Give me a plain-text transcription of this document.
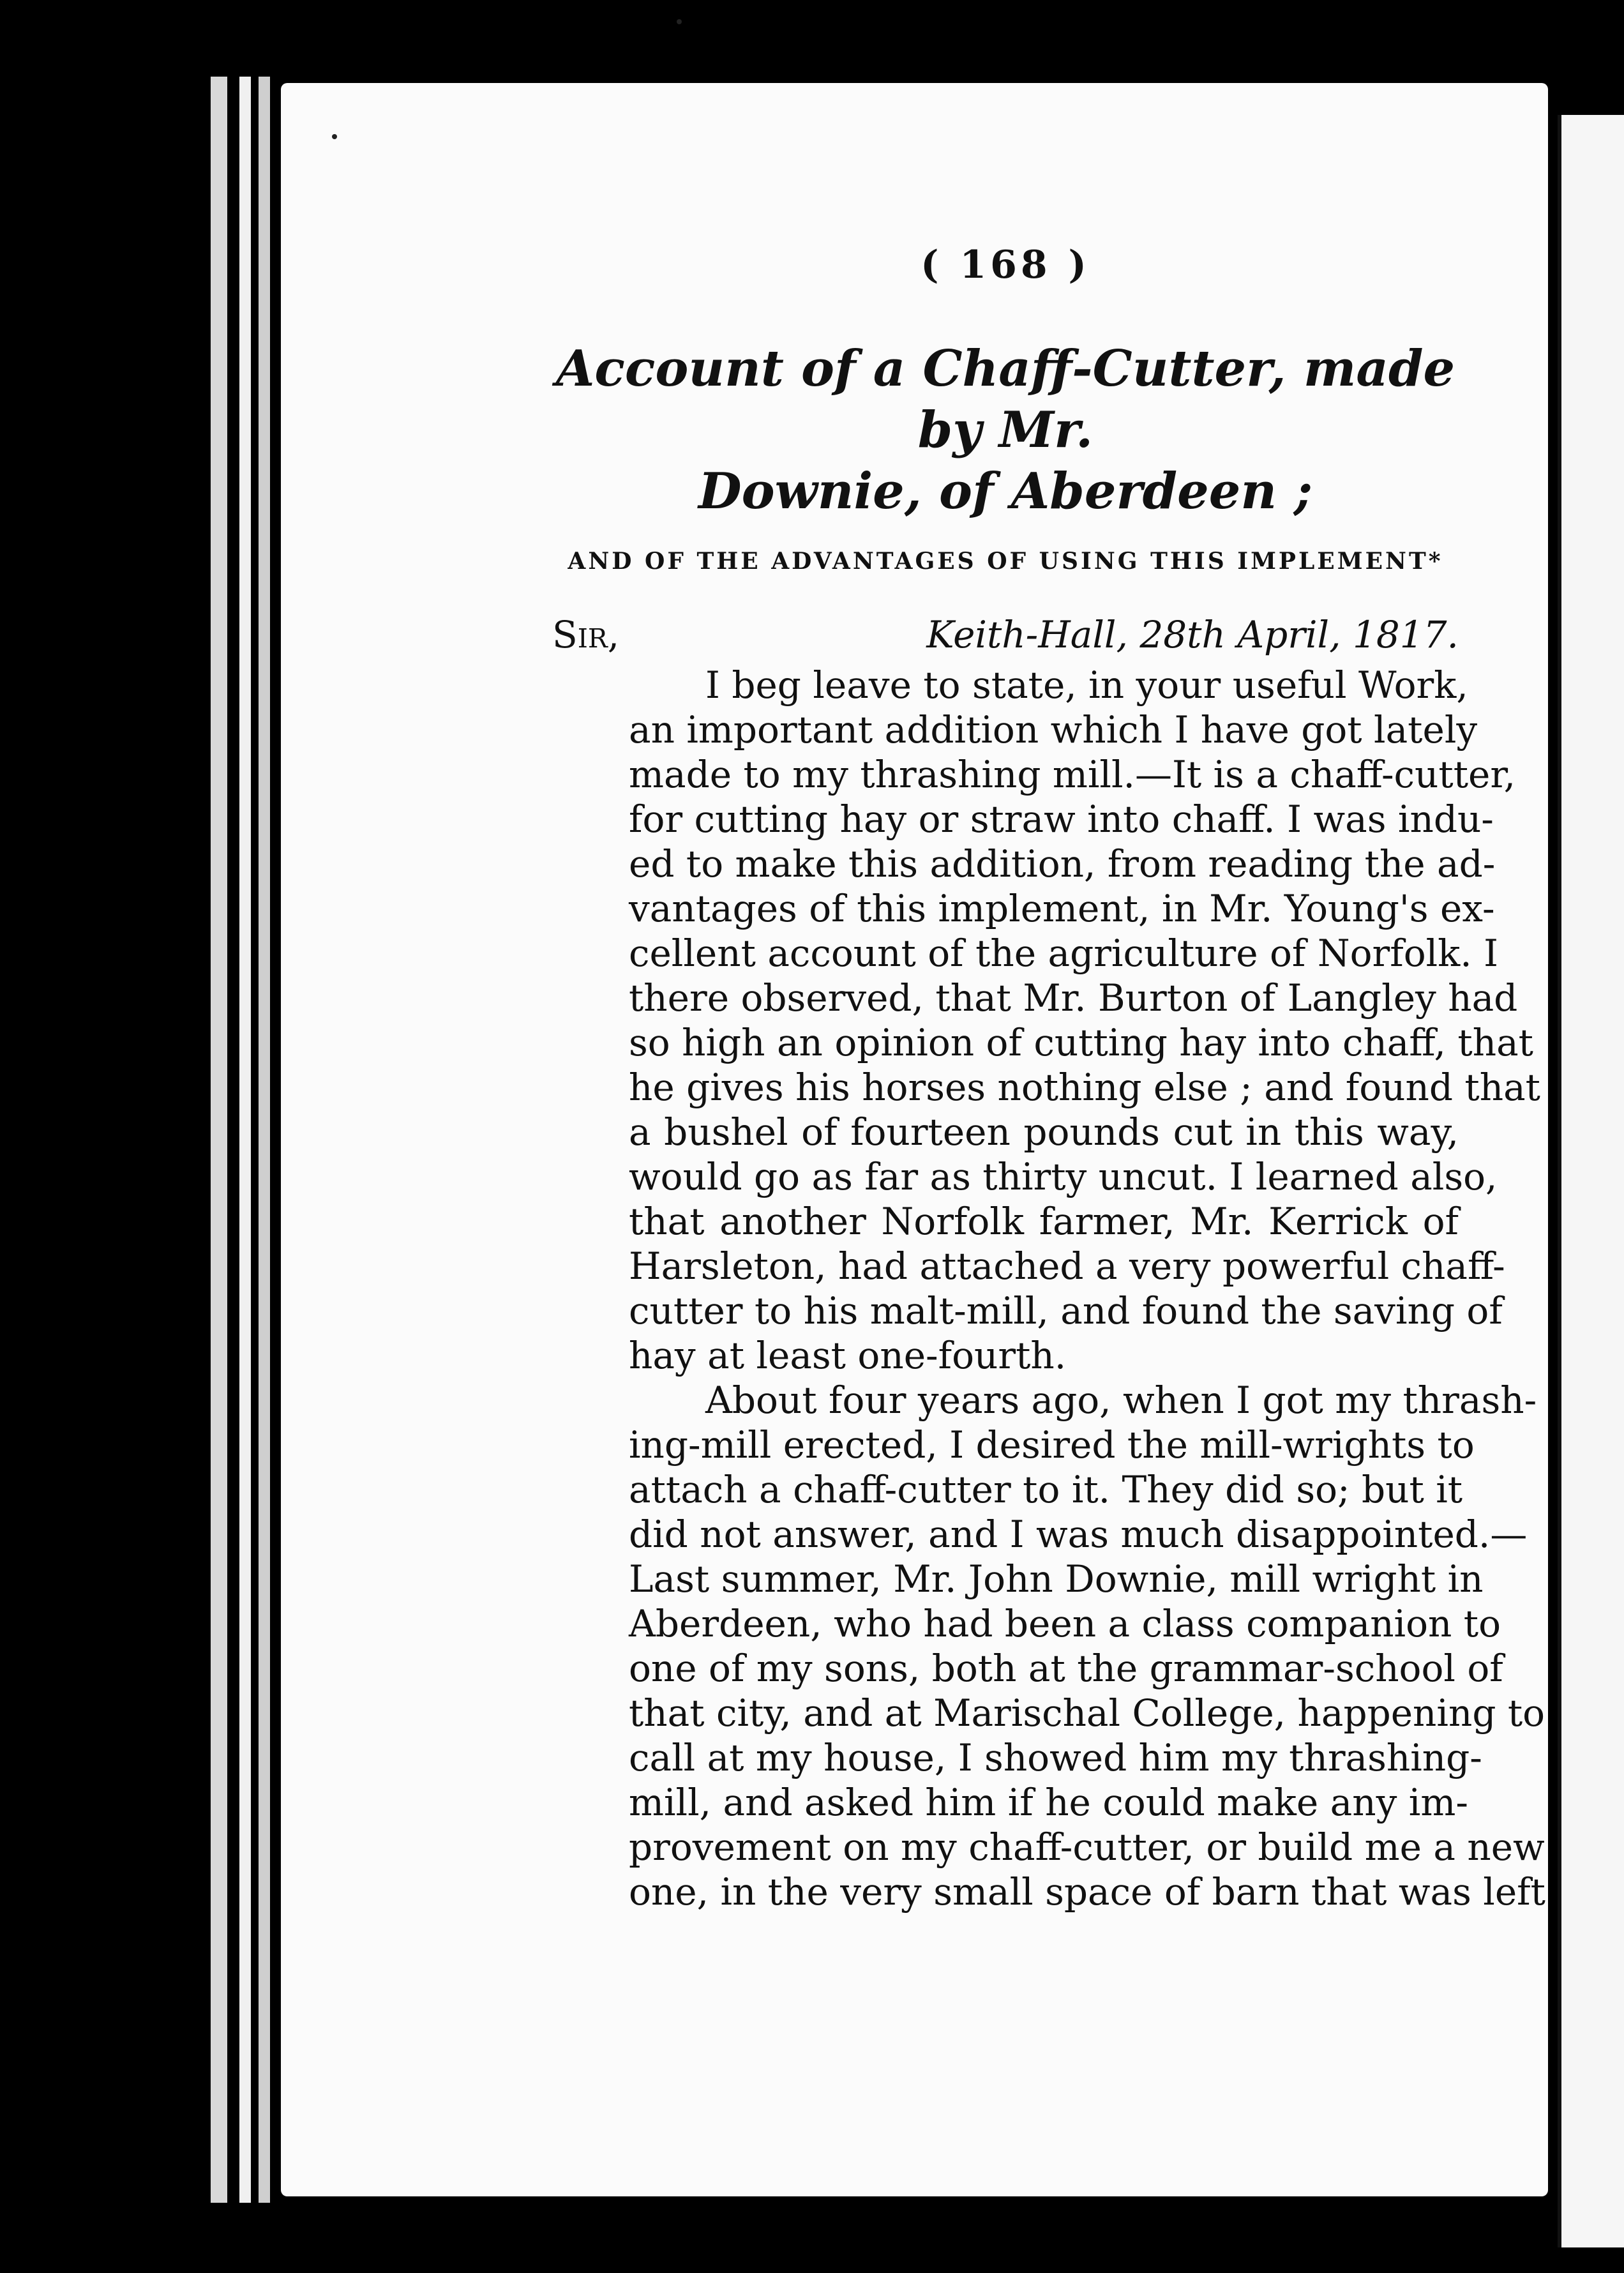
( 168 )
Account of a Chaff-Cutter, made by Mr.
Downie, of Aberdeen ;
AND OF THE ADVANTAGES OF USING THIS IMPLEMENT*
Sir,	Keith-Hall, 28th April, 1817.
I beg leave to state, in your useful Work,
an important addition which I have got lately
made to my thrashing mill.—It is a chaff-cutter,
for cutting hay or straw into chaff. I was indu-
ed to make this addition, from reading the ad-
vantages of this implement, in Mr. Young's ex-
cellent account of the agriculture of Norfolk. I
there observed, that Mr. Burton of Langley had
so high an opinion of cutting hay into chaff, that
he gives his horses nothing else ; and found that
a bushel of fourteen pounds cut in this way,
would go as far as thirty uncut. I learned also,
that another Norfolk farmer, Mr. Kerrick of
Harsleton, had attached a very powerful chaff-
cutter to his malt-mill, and found the saving of
hay at least one-fourth.
About four years ago, when I got my thrash-
ing-mill erected, I desired the mill-wrights to
attach a chaff-cutter to it. They did so; but it
did not answer, and I was much disappointed.—
Last summer, Mr. John Downie, mill wright in
Aberdeen, who had been a class companion to
one of my sons, both at the grammar-school of
that city, and at Marischal College, happening to
call at my house, I showed him my thrashing-
mill, and asked him if he could make any im-
provement on my chaff-cutter, or build me a new
one, in the very small space of barn that was left
